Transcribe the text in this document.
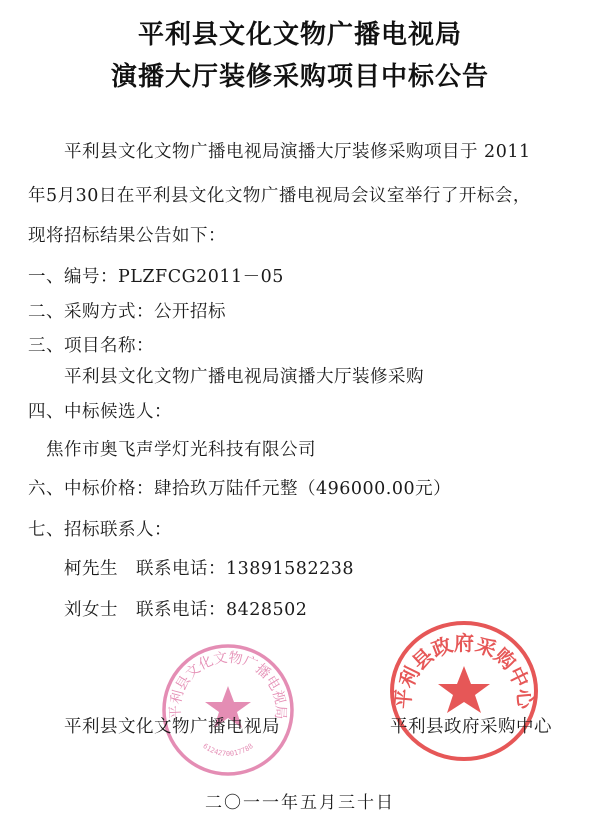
平利县文化文物广播电视局
演播大厅装修采购项目中标公告
平利县文化文物广播电视局演播大厅装修采购项目于 2011
年5月30日在平利县文化文物广播电视局会议室举行了开标会，
现将招标结果公告如下：
一、编号：PLZFCG2011－05
二、采购方式：公开招标
三、项目名称：
平利县文化文物广播电视局演播大厅装修采购
四、中标候选人：
焦作市奥飞声学灯光科技有限公司
六、中标价格：肆拾玖万陆仟元整（496000.00元）
七、招标联系人：
柯先生　联系电话：13891582238
刘女士　联系电话：8428502
平利县文化文物广播电视局
6124270017788
平利县政府采购中心
平利县文化文物广播电视局	平利县政府采购中心
二〇一一年五月三十日
